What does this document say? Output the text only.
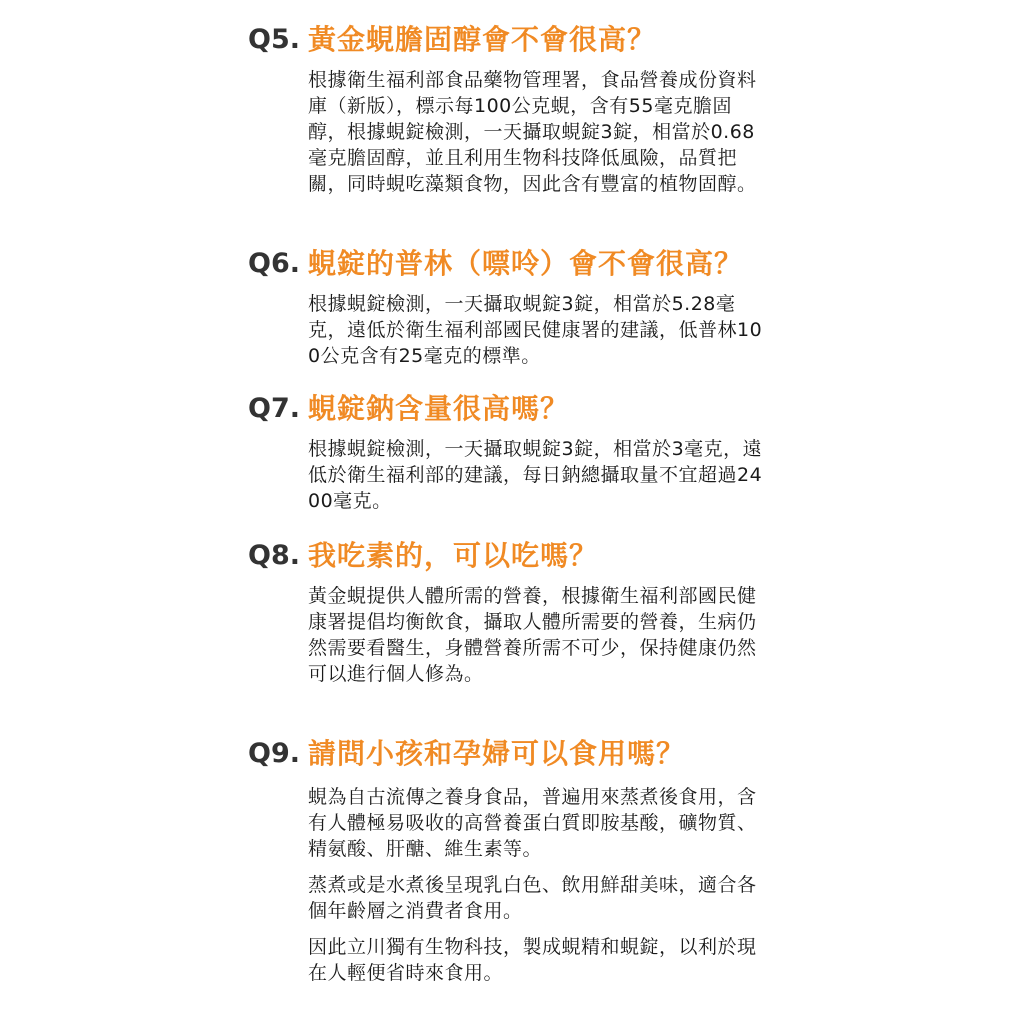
Q5. 黃金蜆膽固醇會不會很高？

根據衛生福利部食品藥物管理署，食品營養成份資料庫（新版），標示每100公克蜆，含有55毫克膽固醇，根據蜆錠檢測，一天攝取蜆錠3錠，相當於0.68毫克膽固醇，並且利用生物科技降低風險，品質把關，同時蜆吃藻類食物，因此含有豐富的植物固醇。

Q6. 蜆錠的普林（嘌呤）會不會很高？

根據蜆錠檢測，一天攝取蜆錠3錠，相當於5.28毫克，遠低於衛生福利部國民健康署的建議，低普林100公克含有25毫克的標準。

Q7. 蜆錠鈉含量很高嗎？

根據蜆錠檢測，一天攝取蜆錠3錠，相當於3毫克，遠低於衛生福利部的建議，每日鈉總攝取量不宜超過2400毫克。

Q8. 我吃素的，可以吃嗎？

黃金蜆提供人體所需的營養，根據衛生福利部國民健康署提倡均衡飲食，攝取人體所需要的營養，生病仍然需要看醫生，身體營養所需不可少，保持健康仍然可以進行個人修為。

Q9. 請問小孩和孕婦可以食用嗎？

蜆為自古流傳之養身食品，普遍用來蒸煮後食用，含有人體極易吸收的高營養蛋白質即胺基酸，礦物質、精氨酸、肝醣、維生素等。

蒸煮或是水煮後呈現乳白色、飲用鮮甜美味，適合各個年齡層之消費者食用。

因此立川獨有生物科技，製成蜆精和蜆錠，以利於現在人輕便省時來食用。
